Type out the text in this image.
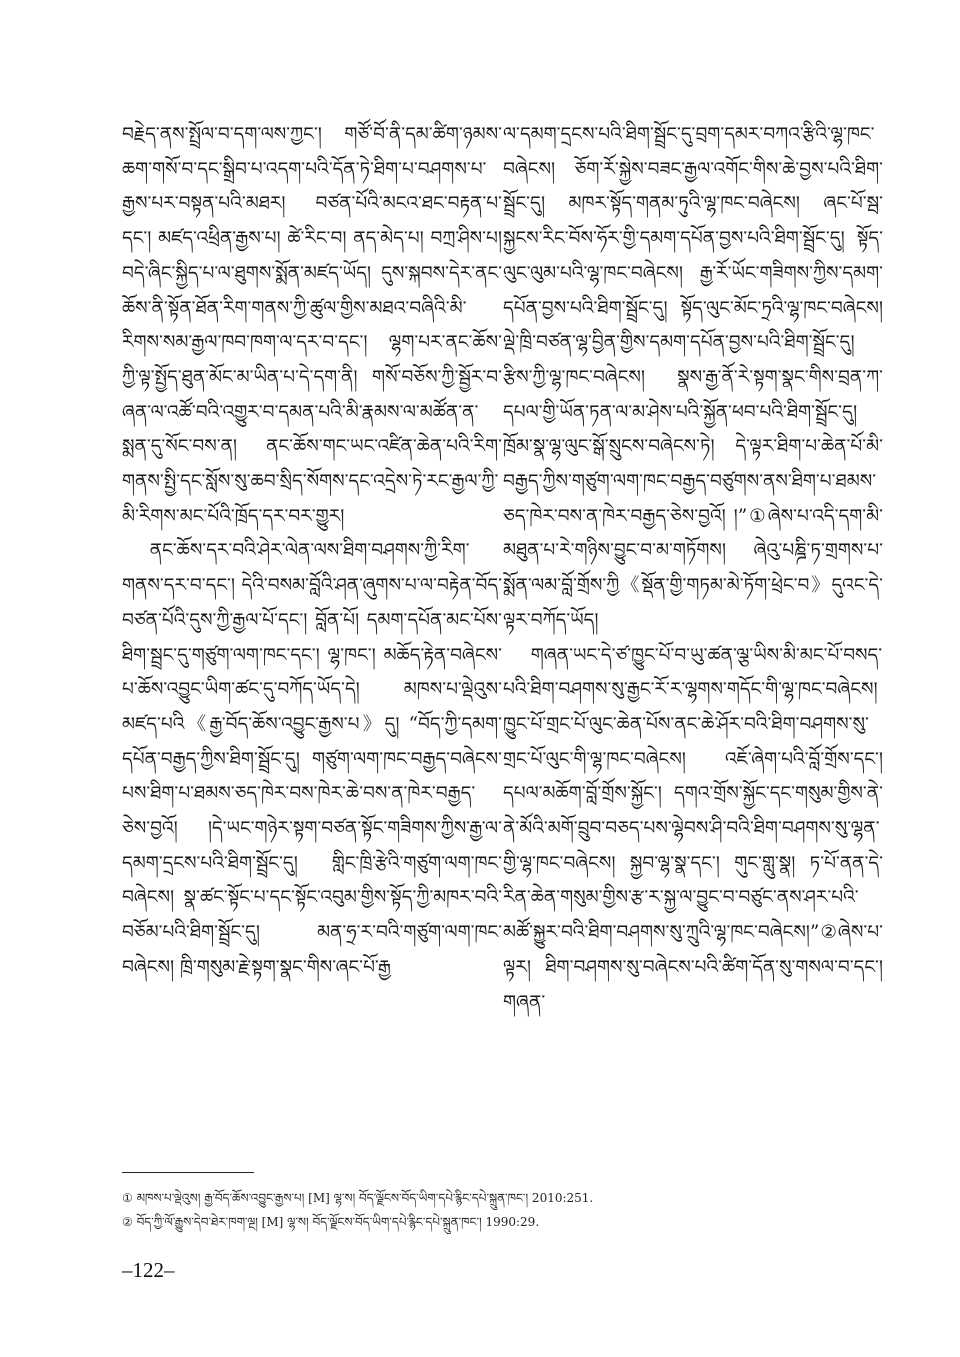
བརྗེད་ནས་སྤྲོལ་བ་དག་ལས་ཀྱང་། གཙོ་བོ་ནི་དམ་ཚིག་ཉམས་ཆག་གསོ་བ་དང་སྒྲིབ་པ་འདག་པའི་དོན་ཏེ་ཐིག་པ་བཤགས་པ་རྒྱས་པར་བསྟན་པའི་མཐར། བཙན་པོའི་མངའ་ཐང་བརྟན་པ་དང་། མཛད་འཕྲིན་རྒྱས་པ། ཚེ་རིང་བ། ནད་མེད་པ། བཀྲ་ཤིས་པ། བདེ་ཞིང་སྐྱིད་པ་ལ་ཐུགས་སྨོན་མཛད་ཡོད། དུས་སྐབས་དེར་ནང་ཆོས་ནི་སྟོན་ཐོན་རིག་གནས་ཀྱི་ཚུལ་གྱིས་མཐའ་བཞིའི་མི་རིགས་སམ་རྒྱལ་ཁབ་ཁག་ལ་དར་བ་དང་། ལྷག་པར་ནང་ཆོས་ཀྱི་ལྟ་སྤྱོད་ཐུན་མོང་མ་ཡིན་པ་དེ་དག་ནི། གསོ་བཅོས་ཀྱི་སྦྱོར་བ་ཞན་ལ་འཚོ་བའི་འགྱུར་བ་དམན་པའི་མི་རྣམས་ལ་མཚོན་ན་སྨན་དུ་སོང་བས་ན། ནང་ཆོས་གང་ཡང་འཛིན་ཆེན་པའི་རིག་གནས་སྤྱི་དང་སློས་སུ་ཆབ་སྲིད་སོགས་དང་འདྲེས་ཏེ་རང་རྒྱལ་ཀྱི་མི་རིགས་མང་པོའི་ཁྲོད་དར་བར་གྱུར།

ནང་ཆོས་དར་བའི་ཤེར་ལེན་ལས་ཐིག་བཤགས་ཀྱི་རིག་གནས་དར་བ་དང་། དེའི་བསམ་བློའི་ཤན་ཞུགས་པ་ལ་བརྟེན་བོད་བཙན་པོའི་དུས་ཀྱི་རྒྱལ་པོ་དང་། བློན་པོ། དམག་དཔོན་མང་པོས་ཐིག་སྦྲང་དུ་གཙུག་ལག་ཁང་དང་། ལྷ་ཁང་། མཆོད་རྟེན་བཞེངས་པ་ཆོས་འབྱུང་ཡིག་ཚང་དུ་བཀོད་ཡོད་དེ། མཁས་པ་ལྡེའུས་མཛད་པའི《རྒྱ་བོད་ཆོས་འབྱུང་རྒྱས་པ》དུ། “བོད་ཀྱི་དམག་དཔོན་བརྒྱད་ཀྱིས་ཐིག་སྦྲོང་དུ། གཙུག་ལག་ཁང་བརྒྱད་བཞེངས་པས་ཐིག་པ་ཐམས་ཅད་ཁེར་བས་ཁེར་ཆེ་བས་ན་ཁེར་བརྒྱད་ཅེས་བྱའོ། །དེ་ཡང་གཉེར་སྟག་བཙན་སྟོང་གཟིགས་ཀྱིས་རྒྱ་ལ་དམག་དྲངས་པའི་ཐིག་སྦྲོང་དུ། གླིང་ཁྲི་རྩེའི་གཙུག་ལག་ཁང་བཞེངས། སྣ་ཚང་སྟོང་པ་དང་སྟོང་འབུམ་གྱིས་སྟོད་ཀྱི་མཁར་བའི་བཅོམ་པའི་ཐིག་སྦྲོང་དུ། མན་ཧྲ་ར་བའི་གཙུག་ལག་ཁང་བཞེངས། ཁྲི་གསུམ་རྗེ་སྟག་སྣང་གིས་ཞང་པོ་རྒྱ

ལ་དམག་དྲངས་པའི་ཐིག་སྦྲོང་དུ་བྲག་དམར་བཀའ་རྩིའི་ལྷ་ཁང་བཞེངས། ཅོག་རོ་སྐྱེས་བཟང་རྒྱལ་འགོང་གིས་ཆེ་བྱས་པའི་ཐིག་སྦྲོང་དུ། མཁར་སྟོད་གནམ་ཏུའི་ལྷ་ཁང་བཞེངས། ཞང་པོ་སྦ་སྐྱངས་རིང་བོས་ཧོར་གྱི་དམག་དཔོན་བྱས་པའི་ཐིག་སྦྲོང་དུ། སྟོད་ལུང་ལུམ་པའི་ལྷ་ཁང་བཞེངས། རྒྱ་རོ་ཡོང་གཟིགས་ཀྱིས་དམག་དཔོན་བྱས་པའི་ཐིག་སྦྲོང་དུ། སྟོད་ལུང་མོང་ཏྲའི་ལྷ་ཁང་བཞེངས། ལྡེ་ཁྲི་བཙན་ལྷ་བྱིན་གྱིས་དམག་དཔོན་བྱས་པའི་ཐིག་སྦྲོང་དུ། རྩིས་ཀྱི་ལྷ་ཁང་བཞེངས། སྣས་རྒྱ་ནོ་རེ་སྟག་སྣང་གིས་བྲན་ཀ་དཔལ་གྱི་ཡོན་ཏན་ལ་མ་ཤེས་པའི་སྐྱོན་ཕབ་པའི་ཐིག་སྦྲོང་དུ། ཁྲོམ་སྣ་ལྷ་ལུང་སྒོ་སྲུངས་བཞེངས་ཏེ། དེ་ལྟར་ཐིག་པ་ཆེན་པོ་མི་བརྒྱད་ཀྱིས་གཙུག་ལག་ཁང་བརྒྱད་བཙུགས་ནས་ཐིག་པ་ཐམས་ཅད་ཁེར་བས་ན་ཁེར་བརྒྱད་ཅེས་བྱའོ། །”①ཞེས་པ་འདི་དག་མི་མཐུན་པ་རེ་གཉིས་བྱུང་བ་མ་གཏོགས། ཞེའུ་པཎྜི་ཏ་གྲགས་པ་སྨོན་ལམ་བློ་གྲོས་ཀྱི《སྡོན་གྱི་གཏམ་མེ་ཏོག་ཕྲེང་བ》དུའང་དེ་ལྟར་བཀོད་ཡོད།

གཞན་ཡང་དེ་ཙ་ཁྱུང་པོ་བ་ཡུ་ཚན་ལྕ་ཡིས་མི་མང་པོ་བསད་པའི་ཐིག་བཤགས་སུ་རྒྱང་རོ་ར་ལྷགས་གདོང་གི་ལྷ་ཁང་བཞེངས། ཁྱུང་པོ་གྲང་པོ་ལུང་ཆེན་པོས་ནང་ཆེ་ཤོར་བའི་ཐིག་བཤགས་སུ་གྲང་པོ་ལུང་གི་ལྷ་ཁང་བཞེངས། འཇོ་ཞེག་པའི་བློ་གྲོས་དང་། དཔལ་མཆོག་བློ་གྲོས་སྐྱོང་། དགའ་གྲོས་སྐྱོང་དང་གསུམ་གྱིས་ནེ་ནེ་མོའི་མགོ་བྲུབ་བཅད་པས་ལྷེབས་ཤི་བའི་ཐིག་བཤགས་སུ་ལྷན་གྱི་ལྷ་ཁང་བཞེངས། སྐྱབ་ལྷ་སྣ་དང་། གུང་གླུ་སྣ། ཏ་པོ་ནན་དེ་རིན་ཆེན་གསུམ་གྱིས་རྩ་ར་སྐྱ་ལ་བྱུང་བ་བཙུང་ནས་ཤར་པའི་མཚོ་སྐྱུར་བའི་ཐིག་བཤགས་སུ་ཀྲུའི་ལྷ་ཁང་བཞེངས།”②ཞེས་པ་ལྟར། ཐིག་བཤགས་སུ་བཞེངས་པའི་ཚིག་དོན་སུ་གསལ་བ་དང་། གཞན་

① མཁས་པ་ལྡེའུས། རྒྱ་བོད་ཆོས་འབྱུང་རྒྱས་པ། [M] ལྷ་ས། བོད་ལྗོངས་བོད་ཡིག་དཔེ་རྙིང་དཔེ་སྐྲུན་ཁང་། 2010:251.

② བོད་ཀྱི་ལོ་རྒྱུས་དེབ་ཐེར་ཁག་ལྔ། [M] ལྷ་ས། བོད་ལྗོངས་བོད་ཡིག་དཔེ་རྙིང་དཔེ་སྐྲུན་ཁང་། 1990:29.

–122–
